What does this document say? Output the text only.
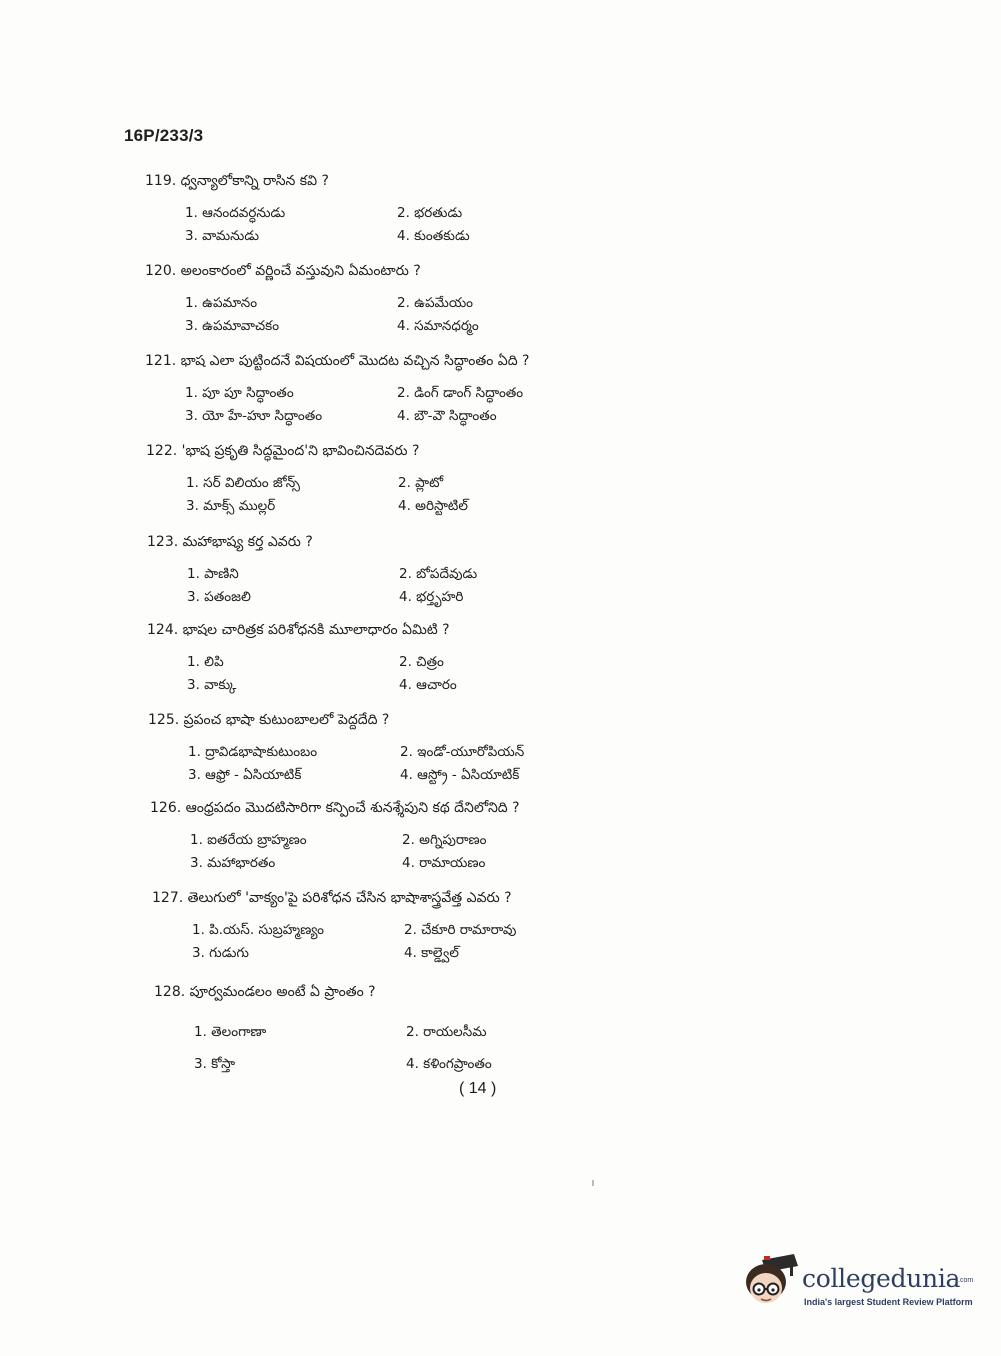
16P/233/3
119. ధ్వన్యాలోకాన్ని రాసిన కవి ?
1. ఆనందవర్ధనుడు	2. భరతుడు
3. వామనుడు	4. కుంతకుడు
120. అలంకారంలో వర్ణించే వస్తువుని ఏమంటారు ?
1. ఉపమానం	2. ఉపమేయం
3. ఉపమావాచకం	4. సమానధర్మం
121. భాష ఎలా పుట్టిందనే విషయంలో మొదట వచ్చిన సిద్ధాంతం ఏది ?
1. పూ పూ సిద్ధాంతం	2. డింగ్ డాంగ్ సిద్ధాంతం
3. యో హే-హూ సిద్ధాంతం	4. బౌ-వౌ సిద్ధాంతం
122. 'భాష ప్రకృతి సిద్ధమైంద'ని భావించినదెవరు ?
1. సర్ విలియం జోన్స్	2. ప్లాటో
3. మాక్స్ ముల్లర్	4. అరిస్టాటిల్
123. మహాభాష్య కర్త ఎవరు ?
1. పాణిని	2. బోపదేవుడు
3. పతంజలి	4. భర్తృహరి
124. భాషల చారిత్రక పరిశోధనకి మూలాధారం ఏమిటి ?
1. లిపి	2. చిత్రం
3. వాక్కు	4. ఆచారం
125. ప్రపంచ భాషా కుటుంబాలలో పెద్దదేది ?
1. ద్రావిడభాషాకుటుంబం	2. ఇండో-యూరోపియన్
3. ఆఫ్రో - ఏసియాటిక్	4. ఆస్ట్రో - ఏసియాటిక్
126. ఆంధ్రపదం మొదటిసారిగా కన్పించే శునశ్శేపుని కథ దేనిలోనిది ?
1. ఐతరేయ బ్రాహ్మణం	2. అగ్నిపురాణం
3. మహాభారతం	4. రామాయణం
127. తెలుగులో 'వాక్యం'పై పరిశోధన చేసిన భాషాశాస్త్రవేత్త ఎవరు ?
1. పి.యస్. సుబ్రహ్మణ్యం	2. చేకూరి రామారావు
3. గుడుగు	4. కాల్డ్వెల్
128. పూర్వమండలం అంటే ఏ ప్రాంతం ?
1. తెలంగాణా	2. రాయలసీమ
3. కోస్తా	4. కళింగప్రాంతం
( 14 )
collegedunia
.com
India's largest Student Review Platform
